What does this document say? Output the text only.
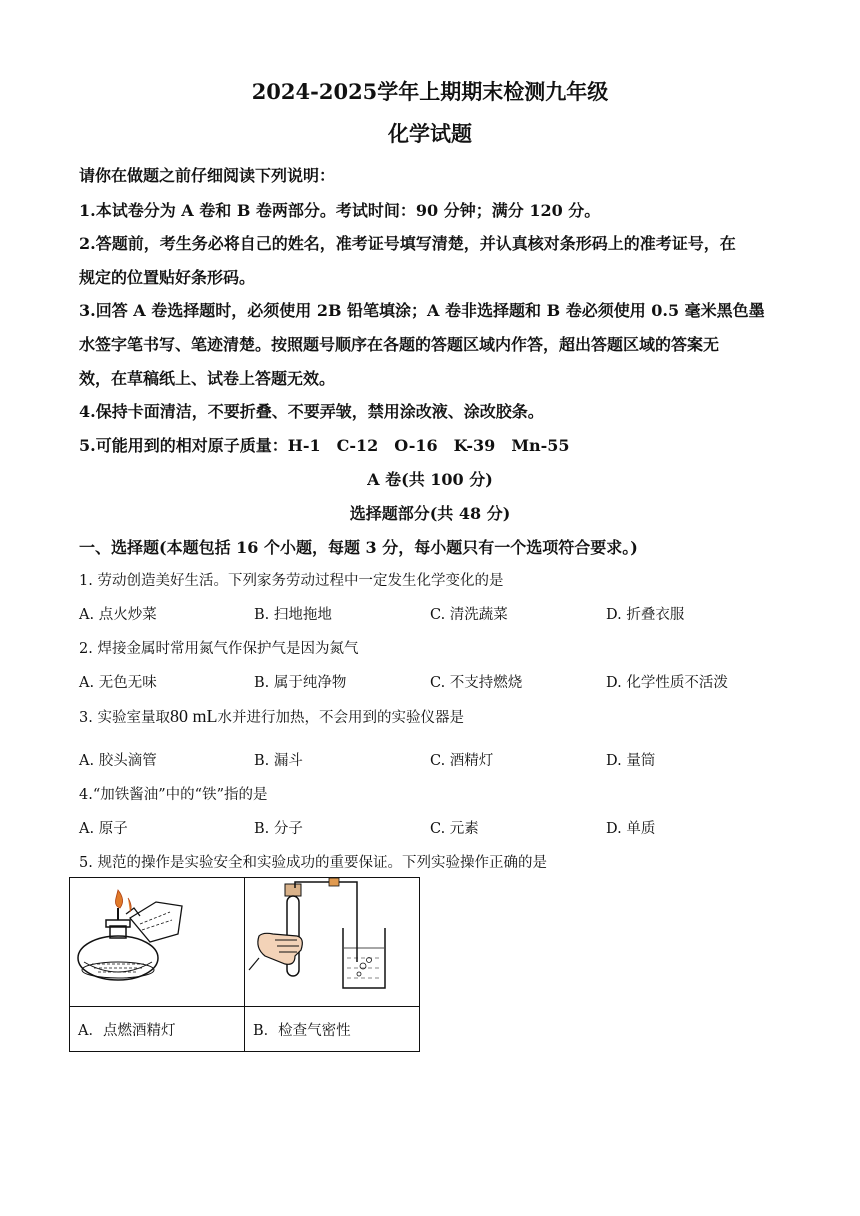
2024-2025学年上期期末检测九年级
化学试题
请你在做题之前仔细阅读下列说明：
1.本试卷分为 A 卷和 B 卷两部分。考试时间：90 分钟；满分 120 分。
2.答题前，考生务必将自己的姓名，准考证号填写清楚，并认真核对条形码上的准考证号，在
规定的位置贴好条形码。
3.回答 A 卷选择题时，必须使用 2B 铅笔填涂；A 卷非选择题和 B 卷必须使用 0.5 毫米黑色墨
水签字笔书写、笔迹清楚。按照题号顺序在各题的答题区域内作答，超出答题区域的答案无
效，在草稿纸上、试卷上答题无效。
4.保持卡面清洁，不要折叠、不要弄皱，禁用涂改液、涂改胶条。
5.可能用到的相对原子质量：H-1　C-12　O-16　K-39　Mn-55
A 卷(共 100 分)
选择题部分(共 48 分)
一、选择题(本题包括 16 个小题，每题 3 分，每小题只有一个选项符合要求。)
1. 劳动创造美好生活。下列家务劳动过程中一定发生化学变化的是
A. 点火炒菜	B. 扫地拖地	C. 清洗蔬菜	D. 折叠衣服
2. 焊接金属时常用氮气作保护气是因为氮气
A. 无色无味	B. 属于纯净物	C. 不支持燃烧	D. 化学性质不活泼
3. 实验室量取80 mL水并进行加热，不会用到的实验仪器是
A. 胶头滴管	B. 漏斗	C. 酒精灯	D. 量筒
4.“加铁酱油”中的“铁”指的是
A. 原子	B. 分子	C. 元素	D. 单质
5. 规范的操作是实验安全和实验成功的重要保证。下列实验操作正确的是

A．点燃酒精灯	B．检查气密性
